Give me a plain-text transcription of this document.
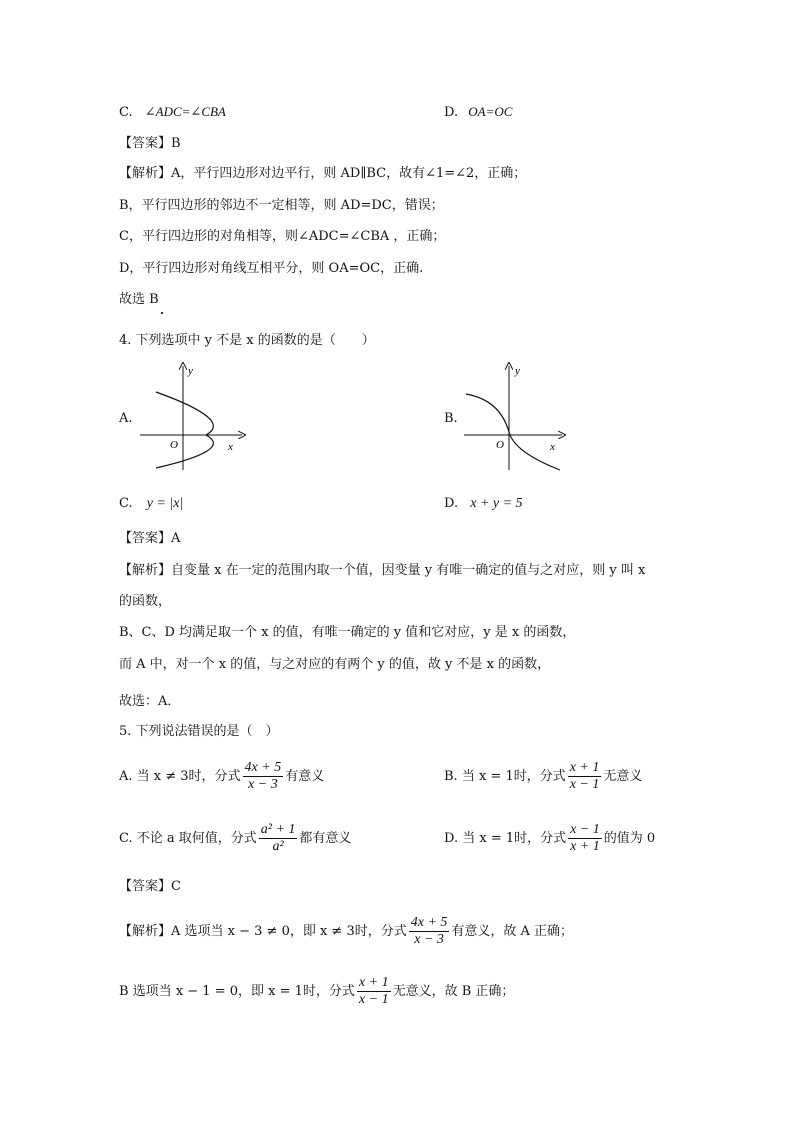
C. ∠ADC=∠CBA	D. OA=OC
【答案】B
【解析】A，平行四边形对边平行，则 AD∥BC，故有∠1=∠2，正确；
B，平行四边形的邻边不一定相等，则 AD=DC，错误；
C，平行四边形的对角相等，则∠ADC=∠CBA ，正确；
D，平行四边形对角线互相平分，则 OA=OC，正确.
故选 B
4. 下列选项中 y 不是 x 的函数的是（　　）
A.
y
x
O
B.
y
x
O
C. y = |x|	D. x + y = 5
【答案】A
【解析】自变量 x 在一定的范围内取一个值，因变量 y 有唯一确定的值与之对应，则 y 叫 x
的函数，
B、C、D 均满足取一个 x 的值，有唯一确定的 y 值和它对应，y 是 x 的函数，
而 A 中，对一个 x 的值，与之对应的有两个 y 的值，故 y 不是 x 的函数，
故选：A．
5. 下列说法错误的是（　）
A. 当 x ≠ 3时，分式 $\frac{4x + 5}{x - 3}$ 有意义	B. 当 x = 1时，分式 $\frac{x + 1}{x - 1}$ 无意义
C. 不论 a 取何值，分式 $\frac{\text{a² + 1}}{\text{a²}}$ 都有意义	D. 当 x = 1时，分式 $\frac{x - 1}{x + 1}$ 的值为 0
【答案】C
【解析】A 选项当 x − 3 ≠ 0，即 x ≠ 3时，分式 $\frac{4x + 5}{x - 3}$ 有意义，故 A 正确；
B 选项当 x − 1 = 0，即 x = 1时，分式 $\frac{x + 1}{x - 1}$ 无意义，故 B 正确；
